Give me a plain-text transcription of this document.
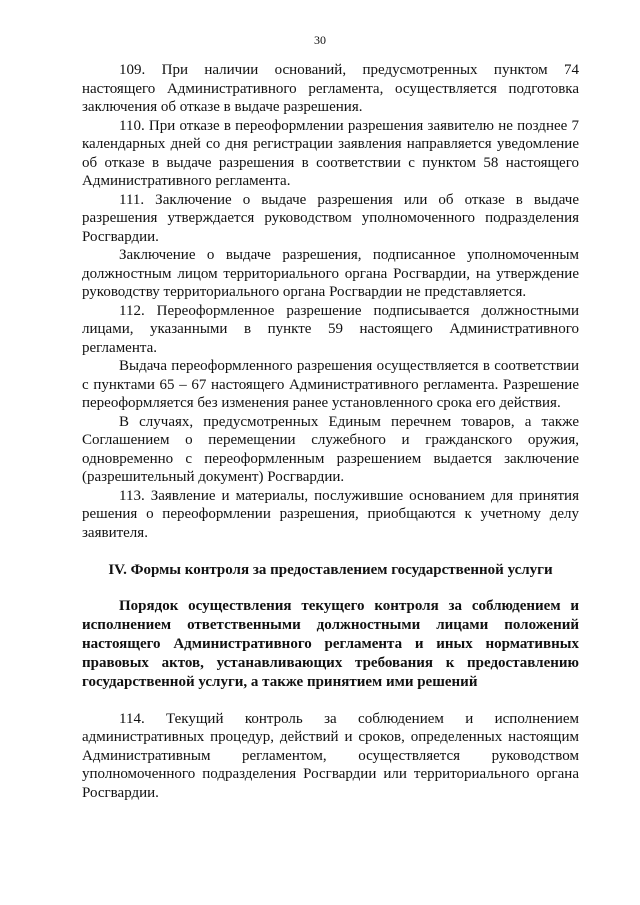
30

109. При наличии оснований, предусмотренных пунктом 74 настоящего Административного регламента, осуществляется подготовка заключения об отказе в выдаче разрешения.

110. При отказе в переоформлении разрешения заявителю не позднее 7 календарных дней со дня регистрации заявления направляется уведомление об отказе в выдаче разрешения в соответствии с пунктом 58 настоящего Административного регламента.

111. Заключение о выдаче разрешения или об отказе в выдаче разрешения утверждается руководством уполномоченного подразделения Росгвардии.

Заключение о выдаче разрешения, подписанное уполномоченным должностным лицом территориального органа Росгвардии, на утверждение руководству территориального органа Росгвардии не представляется.

112. Переоформленное разрешение подписывается должностными лицами, указанными в пункте 59 настоящего Административного регламента.

Выдача переоформленного разрешения осуществляется в соответствии с пунктами 65 – 67 настоящего Административного регламента. Разрешение переоформляется без изменения ранее установленного срока его действия.

В случаях, предусмотренных Единым перечнем товаров, а также Соглашением о перемещении служебного и гражданского оружия, одновременно с переоформленным разрешением выдается заключение (разрешительный документ) Росгвардии.

113. Заявление и материалы, послужившие основанием для принятия решения о переоформлении разрешения, приобщаются к учетному делу заявителя.

IV. Формы контроля за предоставлением государственной услуги

Порядок осуществления текущего контроля за соблюдением и исполнением ответственными должностными лицами положений настоящего Административного регламента и иных нормативных правовых актов, устанавливающих требования к предоставлению государственной услуги, а также принятием ими решений

114. Текущий контроль за соблюдением и исполнением административных процедур, действий и сроков, определенных настоящим Административным регламентом, осуществляется руководством уполномоченного подразделения Росгвардии или территориального органа Росгвардии.
